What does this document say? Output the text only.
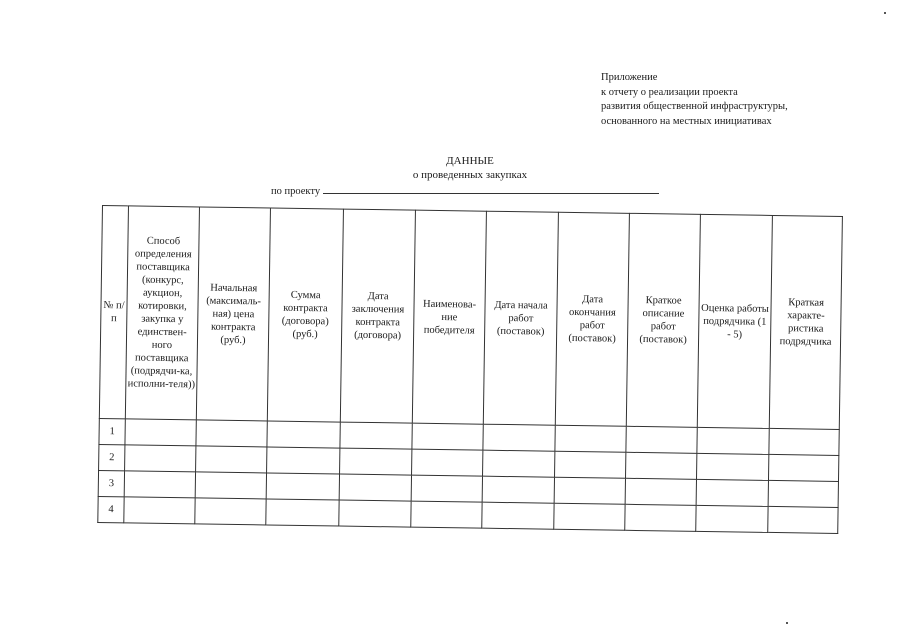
Приложение
к отчету о реализации проекта
развития общественной инфраструктуры,
основанного на местных инициативах
ДАННЫЕ
о проведенных закупках
по проекту
№ п/п	Способ определения поставщика (конкурс, аукцион, котировки, закупка у единствен-ного поставщика (подрядчи-ка, исполни-теля))	Начальная (максималь-ная) цена контракта (руб.)	Сумма контракта (договора) (руб.)	Дата заключения контракта (договора)	Наименова-ние победителя	Дата начала работ (поставок)	Дата окончания работ (поставок)	Краткое описание работ (поставок)	Оценка работы подрядчика (1 - 5)	Краткая характе-ристика подрядчика
1										
2										
3										
4										
